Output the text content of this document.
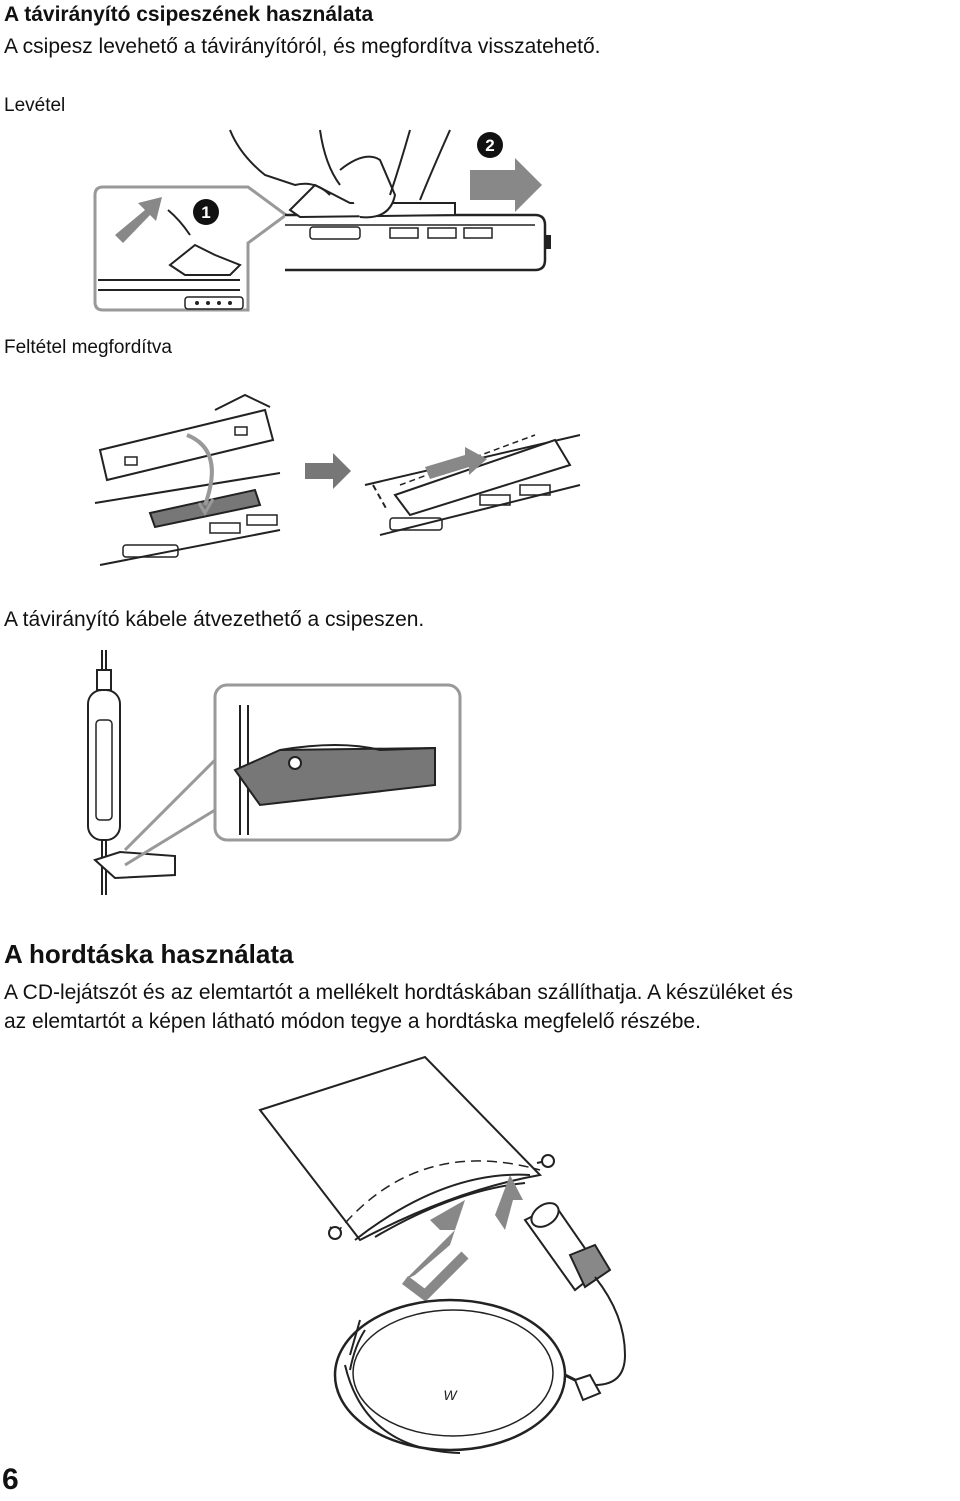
A távirányító csipeszének használata
A csipesz levehető a távirányítóról, és megfordítva visszatehető.
Levétel
1
2
Feltétel megfordítva
A távirányító kábele átvezethető a csipeszen.
A hordtáska használata
A CD-lejátszót és az elemtartót a mellékelt hordtáskában szállíthatja. A készüléket és
az elemtartót a képen látható módon tegye a hordtáska megfelelő részébe.
W
6
